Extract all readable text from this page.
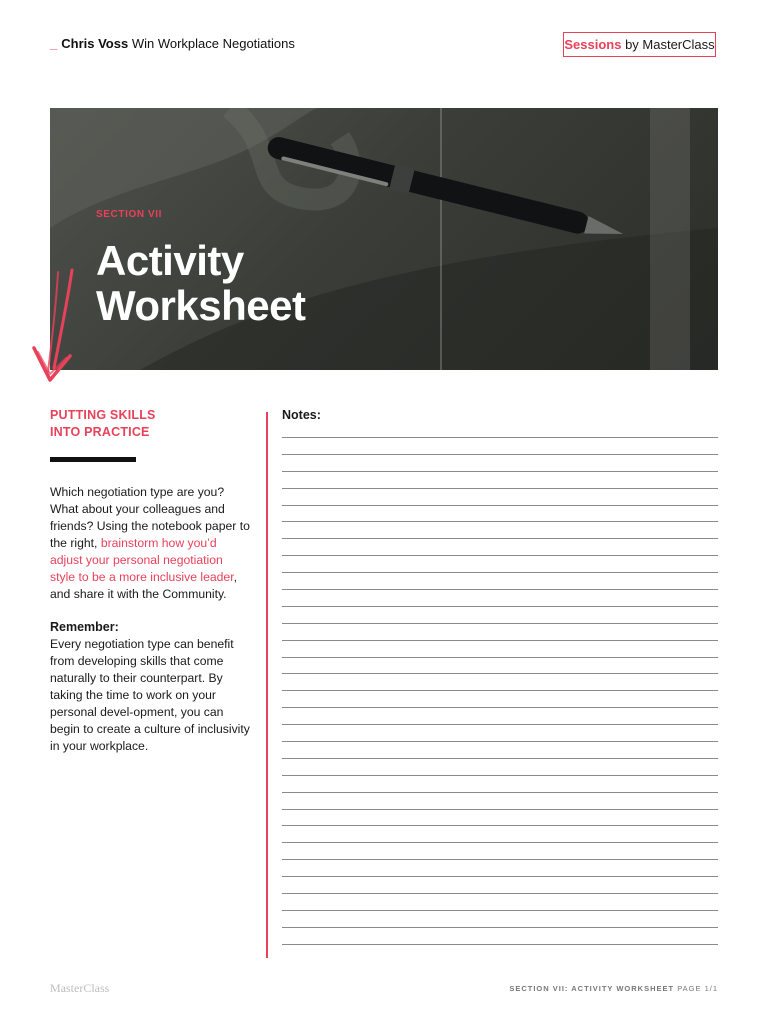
_ Chris Voss Win Workplace Negotiations	Sessions by MasterClass
SECTION VII
Activity
Worksheet
PUTTING SKILLS
INTO PRACTICE
Which negotiation type are you? What about your colleagues and friends? Using the notebook paper to the right, brainstorm how you’d adjust your personal negotiation style to be a more inclusive leader, and share it with the Community.
Remember:
Every negotiation type can benefit from developing skills that come naturally to their counterpart. By taking the time to work on your personal devel-opment, you can begin to create a culture of inclusivity in your workplace.
Notes:
MasterClass	SECTION VII: ACTIVITY WORKSHEET PAGE 1/1
